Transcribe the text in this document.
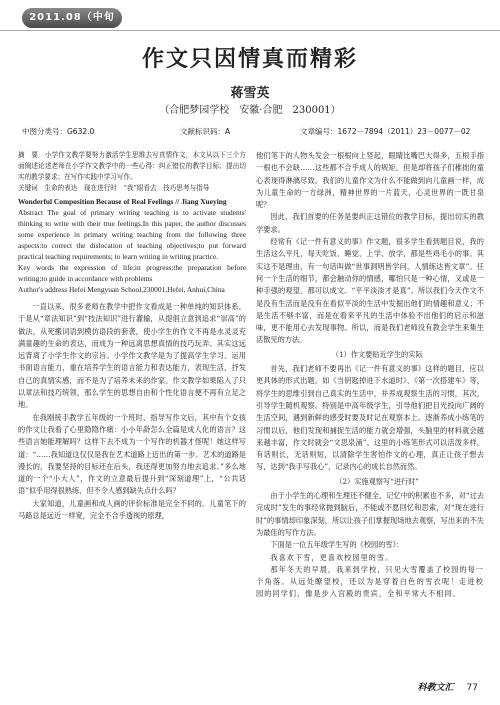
2011.08（中旬刊）
作文只因情真而精彩
蒋雪英
（合肥梦园学校　安徽·合肥　230001）
中图分类号：G632.0	文献标识码：A	文章编号：1672－7894（2011）23－0077－02

摘　要　小学作文教学要努力激活学生思维去写真情作文，本文从以下三个方面阐述论述老师在小学作文教学中的一些心得：纠正错位的教学目标；提出切实的教学要求；在写作实践中学习写作。

关键词　生命的表达　现在进行时　“我”眼看去　技巧思考与指导

Wonderful Composition Because of Real Feelings // Jiang Xueying

Abstract The goal of primary writing teaching is to activate students' thinking to write with their true feelings.In this paper, the author discusses some experience in primary writing teaching from the following three aspects:to correct the dislocation of teaching objectives;to put forward practical teaching requirements; to learn writing in writing practice.

Key words the expression of life;in progress;the preparation before writing;to guide in accordance with problems

Author's address Hefei Mengyuan School,230001,Hefei, Anhui,China

一直以来，很多老师在教学中把作文看成是一种单纯的知识体系，于是从“章法知识”到“技法知识”进行灌输，从提倡立意到追求“崇高”的做法，从死搬词语到模仿语段的套袭，使小学生的作文不再是水灵灵充满童趣的生命的表达，而成为一种远离思想真情的技巧玩弄。其实这远远背离了小学生作文的宗旨。小学作文教学是为了提高学生学习、运用书面语言能力，重在培养学生的语言能力和表达能力，表现生活，抒发自己的真情实感，而不是为了培养未来的作家。作文教学如果陷入了只以章法和技巧统领，那么学生的思想自由和个性化语言便不再有立足之地。

在我刚接手教学五年级的一个班时，指导写作文后，其中有个女孩的作文让我看了心里隐隐作痛：小小年龄怎么全篇是成人化的语言？这些语言她能理解吗？这样下去不成为一个写作的机器才怪呢！她这样写道：“……我知道这仅仅是我在艺术道路上迈出的第一步。艺术的道路是漫长的，我要坚持的目标还在后头，我还得更加努力地去追求。”多么地道的一个“小大人”，作文的立意最后提升到“深刻道理”上，“公共话语”似乎用得很熟练，但不令人感到缺失点什么吗？

大家知道，儿童画和成人画的评价标准是完全不同的。儿童笔下的马路总是远近一样宽，完全不合乎透视的原理，

他们笔下的人物头发会一根根向上竖起，眼睛比嘴巴大得多，五根手指一根也不会缺……这些都不合乎成人的规矩，但是却将孩子们稚拙的童心表现得淋漓尽致。我们的儿童作文为什么不能做到向儿童画一样，成为儿童生命的一方绿洲，精神世界的一片蓝天，心灵世界的一既甘泉呢？

因此，我们首要的任务是要纠正这错位的教学目标，提出切实的教学要求。

经常有《记一件有意义的事》作文题，很多学生看到题目说，我的生活这么平凡，每天吃饭、睡觉、上学、放学，都是些鸡毛小的事。其实这不是理由，有一句话叫做“世事洞明皆学问，人情练达皆文章”。任何一个生活的细节，都会触动你的情感，哪怕只是一种心情，又或是一种手强的观望，都可以成文。“平平淡淡才是真”。所以我们今天作文不是没有生活而是没有在看似平淡的生活中发掘出他们的情趣和意义；不是生活不够丰富，而是在看来平凡的生活中体验不出他们的启示和滋味，更不能用心去发现事物。所以，而是我们老师没有教会学生来集生活散见的方法。

（1）作文要贴近学生的实际

首先，我们老师不要再出《记一件有意义的事》这样的题目，应以更具体的形式出题。如《当钥匙掉进下水道时》、《第一次搭建车》等，将学生的思维引到自己真实的生活中，并养成观察生活的习惯，其次，引导学生随机观察。特别是中高年级学生，引导他们把目光投向广阔的生活空间，遇到新鲜的感受时要及时记在观察本上。逐渐养成小练笔的习惯以后，他们发现和捕捉生活的能力就会增强，头脑里的材料就会越来越丰富，作文时就会“文思泉涌”。这里的小练笔形式可以活泼多样，有话则长，无话则短，以清除学生害怕作文的心理，真正让孩子想去写，达到“我手写我心”，记录内心的成长自然而然。

（2）实施观察写“进行时”

由于小学生的心理和生理还不健全，记忆中的积累也不多，对“过去完成时”发生的事经常抛到脑后，不能或不愿回忆和思索，对“现在进行时”的事情却印象深刻，所以让孩子们掌握现场地去观察，写出来的不失为最佳的写作方法。

下面是一位五年级学生写的《校园的雪》：

我喜欢下雪，更喜欢校园里的雪。

那年冬天的早晨，我来到学校，只见大雪覆盖了校园的每一个角落。从远处瞭望校，还以为是穿着白色的雪衣呢！走进校园的同学们，像是步入宫殿的贵宾，全和平常大不相同。

科教文汇 77
